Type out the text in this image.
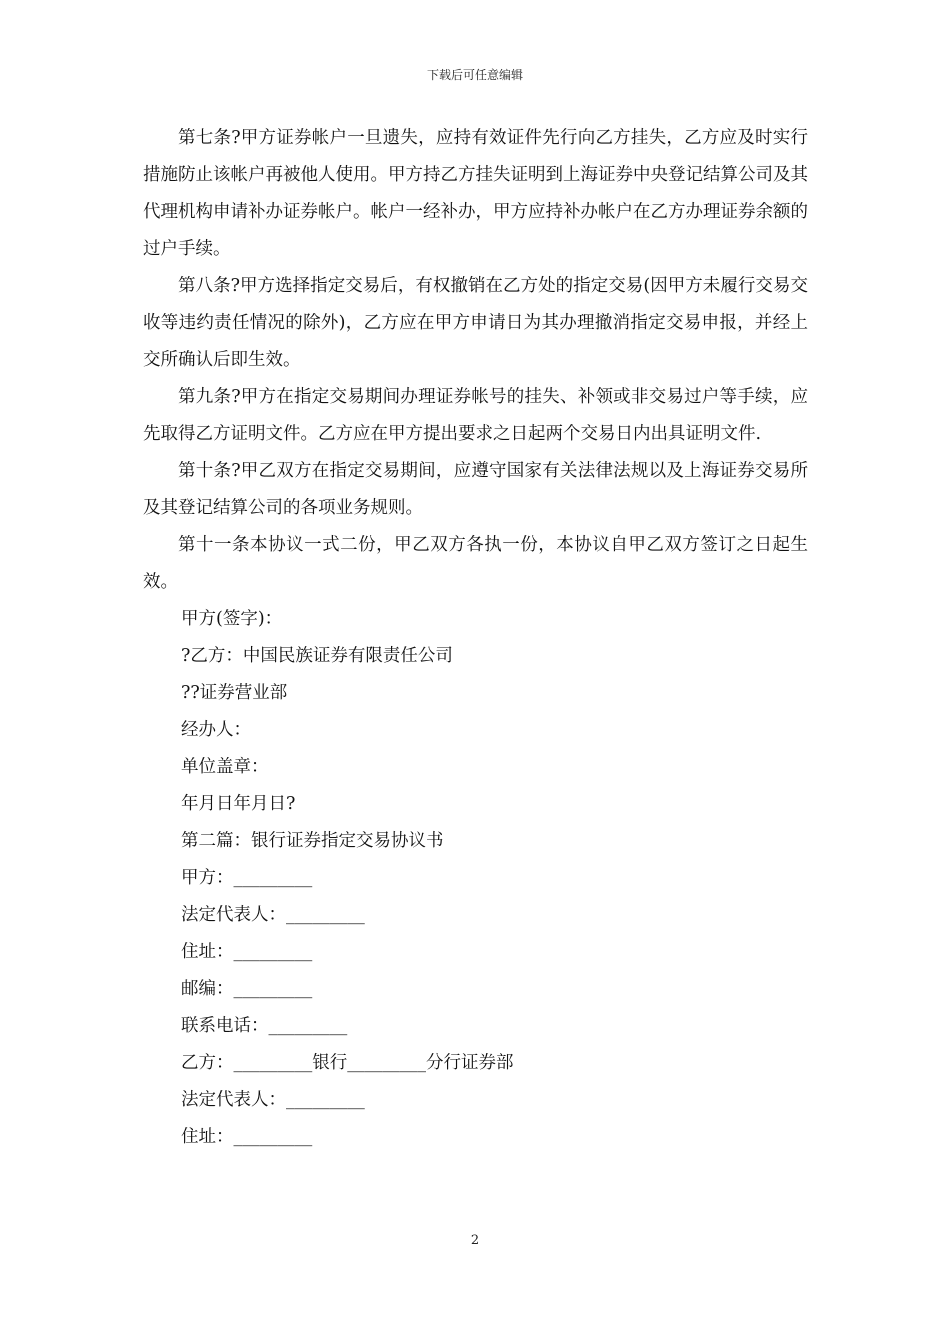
下载后可任意编辑

第七条?甲方证券帐户一旦遗失，应持有效证件先行向乙方挂失，乙方应及时实行措施防止该帐户再被他人使用。甲方持乙方挂失证明到上海证券中央登记结算公司及其代理机构申请补办证券帐户。帐户一经补办，甲方应持补办帐户在乙方办理证券余额的过户手续。

第八条?甲方选择指定交易后，有权撤销在乙方处的指定交易(因甲方未履行交易交收等违约责任情况的除外)，乙方应在甲方申请日为其办理撤消指定交易申报，并经上交所确认后即生效。

第九条?甲方在指定交易期间办理证券帐号的挂失、补领或非交易过户等手续，应先取得乙方证明文件。乙方应在甲方提出要求之日起两个交易日内出具证明文件.

第十条?甲乙双方在指定交易期间，应遵守国家有关法律法规以及上海证券交易所及其登记结算公司的各项业务规则。

第十一条本协议一式二份，甲乙双方各执一份，本协议自甲乙双方签订之日起生效。

甲方(签字)：

?乙方：中国民族证券有限责任公司

??证券营业部

经办人：

单位盖章：

年月日年月日?

第二篇：银行证券指定交易协议书

甲方：_________

法定代表人：_________

住址：_________

邮编：_________

联系电话：_________

乙方：_________银行_________分行证券部

法定代表人：_________

住址：_________

2
